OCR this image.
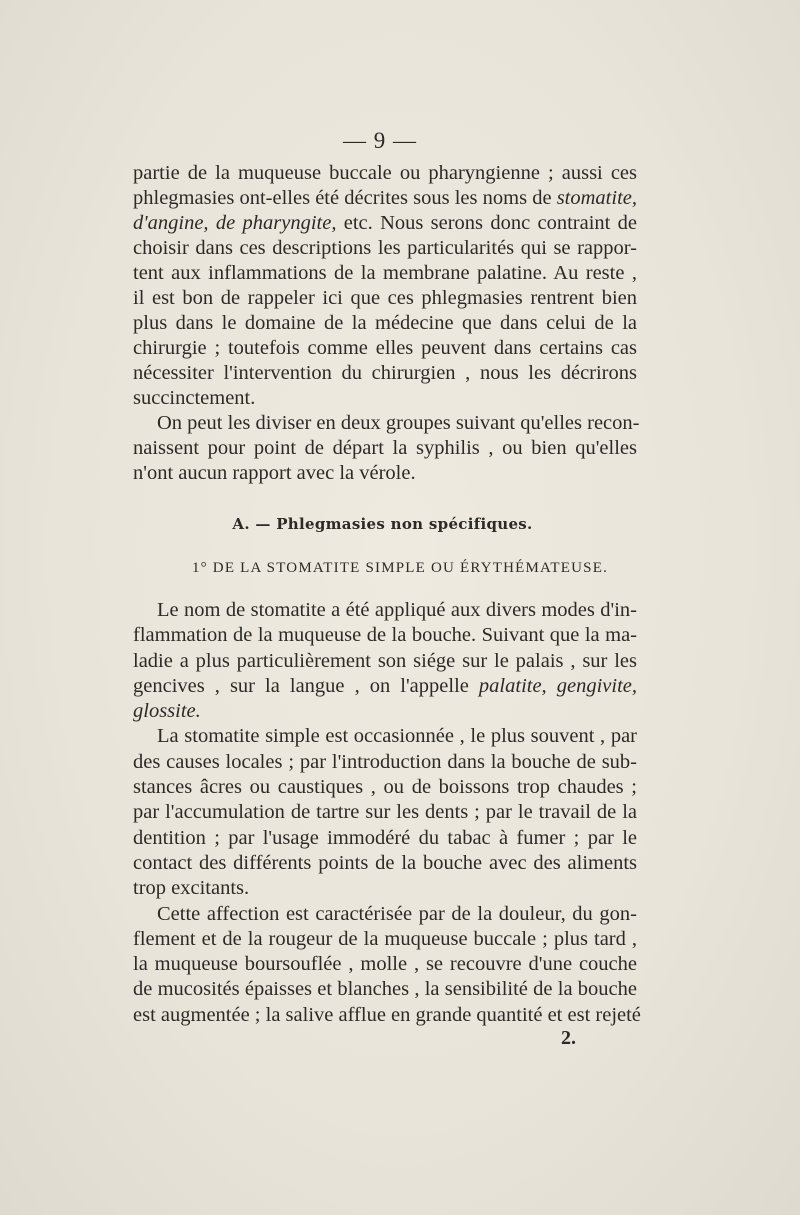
— 9 —

partie de la muqueuse buccale ou pharyngienne ; aussi ces
phlegmasies ont-elles été décrites sous les noms de stomatite,
d'angine, de pharyngite, etc. Nous serons donc contraint de
choisir dans ces descriptions les particularités qui se rappor-
tent aux inflammations de la membrane palatine. Au reste ,
il est bon de rappeler ici que ces phlegmasies rentrent bien
plus dans le domaine de la médecine que dans celui de la
chirurgie ; toutefois comme elles peuvent dans certains cas
nécessiter l'intervention du chirurgien , nous les décrirons
succinctement.

On peut les diviser en deux groupes suivant qu'elles recon-
naissent pour point de départ la syphilis , ou bien qu'elles
n'ont aucun rapport avec la vérole.

A. — Phlegmasies non spécifiques.
1° DE LA STOMATITE SIMPLE OU ÉRYTHÉMATEUSE.

Le nom de stomatite a été appliqué aux divers modes d'in-
flammation de la muqueuse de la bouche. Suivant que la ma-
ladie a plus particulièrement son siége sur le palais , sur les
gencives , sur la langue , on l'appelle palatite, gengivite,
glossite.

La stomatite simple est occasionnée , le plus souvent , par
des causes locales ; par l'introduction dans la bouche de sub-
stances âcres ou caustiques , ou de boissons trop chaudes ;
par l'accumulation de tartre sur les dents ; par le travail de la
dentition ; par l'usage immodéré du tabac à fumer ; par le
contact des différents points de la bouche avec des aliments
trop excitants.

Cette affection est caractérisée par de la douleur, du gon-
flement et de la rougeur de la muqueuse buccale ; plus tard ,
la muqueuse boursouflée , molle , se recouvre d'une couche
de mucosités épaisses et blanches , la sensibilité de la bouche
est augmentée ; la salive afflue en grande quantité et est rejeté

2.
